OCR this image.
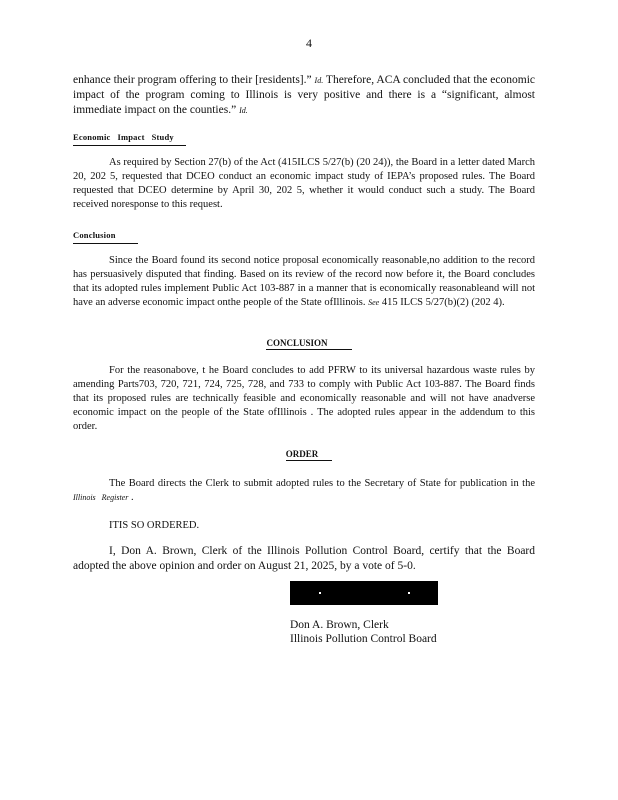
4
enhance their program offering to their [residents].” Id. Therefore, ACA concluded that the economic impact of the program coming to Illinois is very positive and there is a “significant, almost immediate impact on the counties.” Id.
Economic   Impact   Study
As required by Section 27(b) of the Act (415ILCS 5/27(b) (20 24)), the Board in a letter dated March 20, 202 5, requested that DCEO conduct an economic impact study of IEPA’s proposed rules. The Board requested that DCEO determine by April 30, 202 5, whether it would conduct such a study. The Board received noresponse to this request.
Conclusion
Since the Board found its second notice proposal economically reasonable,no addition to the record has persuasively disputed that finding. Based on its review of the record now before it, the Board concludes that its adopted rules implement Public Act 103-887 in a manner that is economically reasonableand will not have an adverse economic impact onthe people of the State ofIllinois. See 415 ILCS 5/27(b)(2) (202 4).
CONCLUSION
For the reasonabove, t he Board concludes to add PFRW to its universal hazardous waste rules by amending Parts703, 720, 721, 724, 725, 728, and 733 to comply with Public Act 103-887. The Board finds that its proposed rules are technically feasible and economically reasonable and will not have anadverse economic impact on the people of the State ofIllinois . The adopted rules appear in the addendum to this order.
ORDER
The Board directs the Clerk to submit adopted rules to the Secretary of State for publication in the Illinois   Register .
ITIS SO ORDERED.
I, Don A. Brown, Clerk of the Illinois Pollution Control Board, certify that the Board adopted the above opinion and order on August 21, 2025, by a vote of 5-0.
Don A. Brown, Clerk
Illinois Pollution Control Board
